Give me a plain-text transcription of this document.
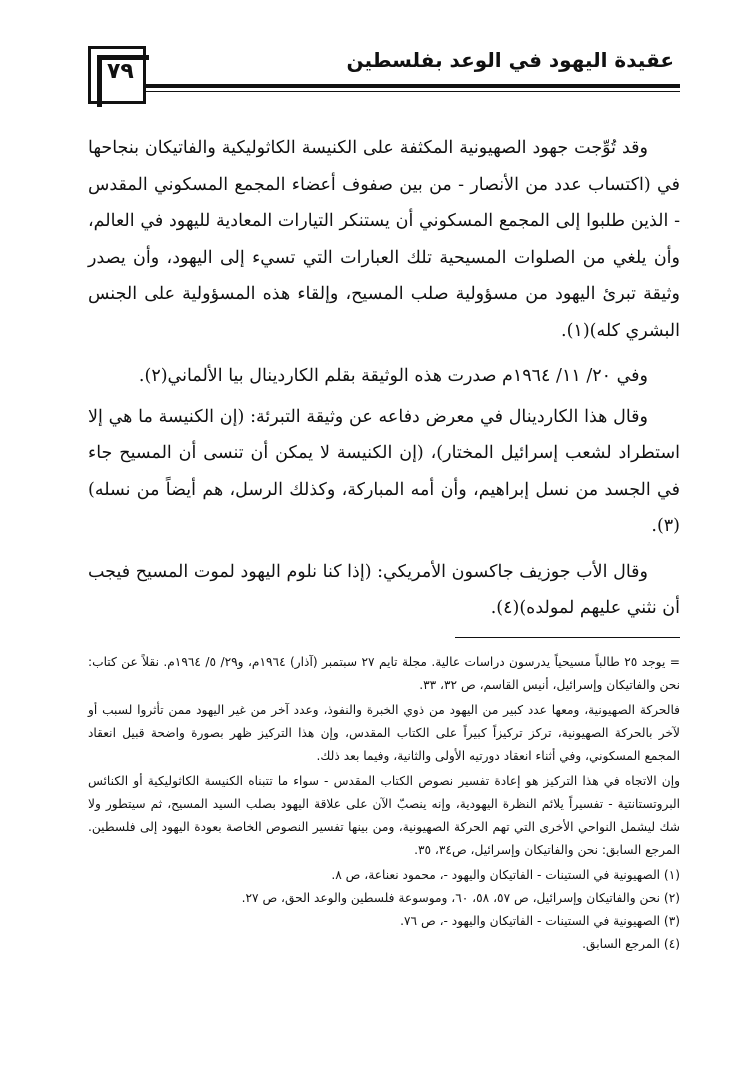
٧٩	عقيدة اليهود في الوعد بفلسطين

وقد تُوِّجت جهود الصهيونية المكثفة على الكنيسة الكاثوليكية والفاتيكان بنجاحها في (اكتساب عدد من الأنصار - من بين صفوف أعضاء المجمع المسكوني المقدس - الذين طلبوا إلى المجمع المسكوني أن يستنكر التيارات المعادية لليهود في العالم، وأن يلغي من الصلوات المسيحية تلك العبارات التي تسيء إلى اليهود، وأن يصدر وثيقة تبرئ اليهود من مسؤولية صلب المسيح، وإلقاء هذه المسؤولية على الجنس البشري كله)(١).

وفي ٢٠/ ١١/ ١٩٦٤م صدرت هذه الوثيقة بقلم الكاردينال بيا الألماني(٢).

وقال هذا الكاردينال في معرض دفاعه عن وثيقة التبرئة: (إن الكنيسة ما هي إلا استطراد لشعب إسرائيل المختار)، (إن الكنيسة لا يمكن أن تنسى أن المسيح جاء في الجسد من نسل إبراهيم، وأن أمه المباركة، وكذلك الرسل، هم أيضاً من نسله)(٣).

وقال الأب جوزيف جاكسون الأمريكي: (إذا كنا نلوم اليهود لموت المسيح فيجب أن نثني عليهم لمولده)(٤).

= يوجد ٢٥ طالباً مسيحياً يدرسون دراسات عالية. مجلة تايم ٢٧ سبتمبر (آذار) ١٩٦٤م، و٢٩/ ٥/ ١٩٦٤م. نقلاً عن كتاب: نحن والفاتيكان وإسرائيل، أنيس القاسم، ص ٣٢، ٣٣.

فالحركة الصهيونية، ومعها عدد كبير من اليهود من ذوي الخبرة والنفوذ، وعدد آخر من غير اليهود ممن تأثروا لسبب أو لآخر بالحركة الصهيونية، تركز تركيزاً كبيراً على الكتاب المقدس، وإن هذا التركيز ظهر بصورة واضحة قبيل انعقاد المجمع المسكوني، وفي أثناء انعقاد دورتيه الأولى والثانية، وفيما بعد ذلك.

وإن الاتجاه في هذا التركيز هو إعادة تفسير نصوص الكتاب المقدس - سواء ما تتبناه الكنيسة الكاثوليكية أو الكنائس البروتستانتية - تفسيراً يلائم النظرة اليهودية، وإنه ينصبّ الآن على علاقة اليهود بصلب السيد المسيح، ثم سيتطور ولا شك ليشمل النواحي الأخرى التي تهم الحركة الصهيونية، ومن بينها تفسير النصوص الخاصة بعودة اليهود إلى فلسطين. المرجع السابق: نحن والفاتيكان وإسرائيل، ص٣٤، ٣٥.

(١) الصهيونية في الستينات - الفاتيكان واليهود -، محمود نعناعة، ص ٨.
(٢) نحن والفاتيكان وإسرائيل، ص ٥٧، ٥٨، ٦٠، وموسوعة فلسطين والوعد الحق، ص ٢٧.
(٣) الصهيونية في الستينات - الفاتيكان واليهود -، ص ٧٦.
(٤) المرجع السابق.
